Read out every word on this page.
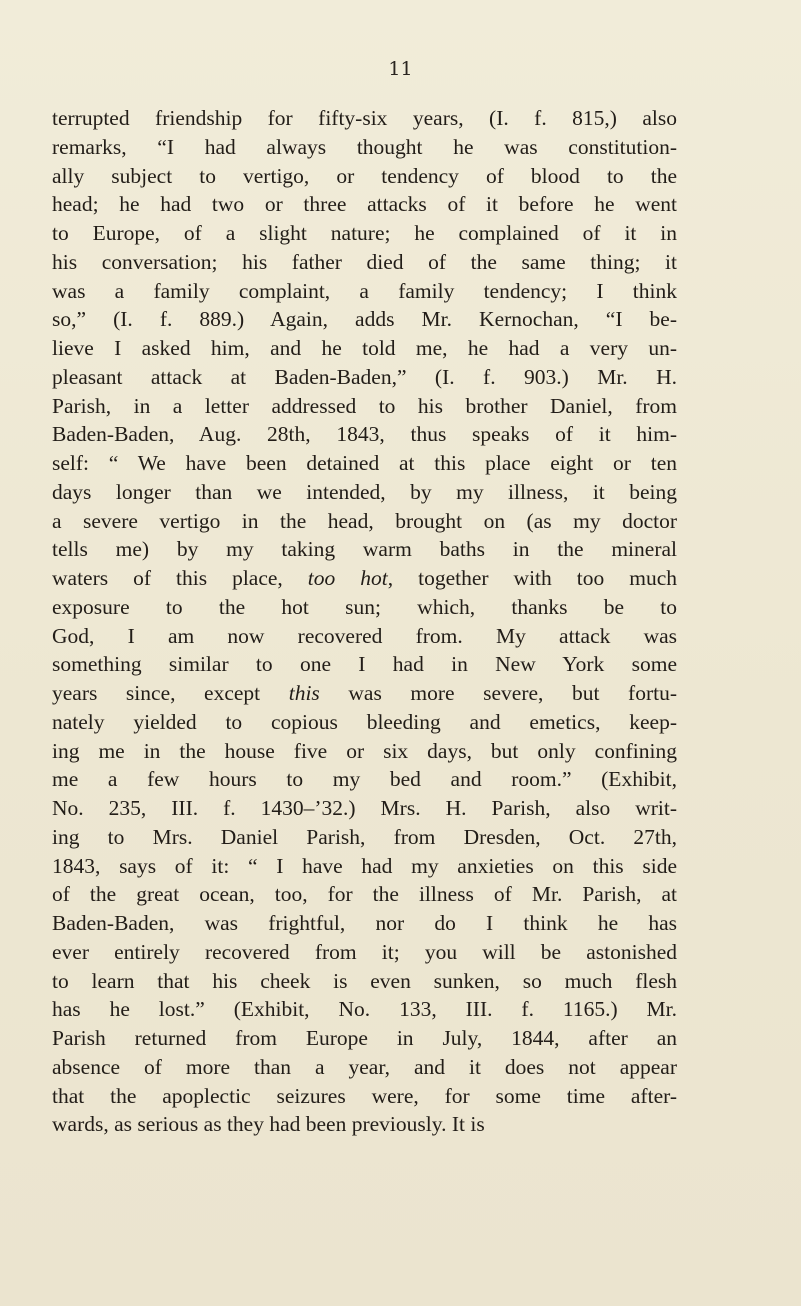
11
terrupted friendship for fifty-six years, (I. f. 815,) also
remarks, “I had always thought he was constitution-
ally subject to vertigo, or tendency of blood to the
head; he had two or three attacks of it before he went
to Europe, of a slight nature; he complained of it in
his conversation; his father died of the same thing; it
was a family complaint, a family tendency; I think
so,” (I. f. 889.) Again, adds Mr. Kernochan, “I be-
lieve I asked him, and he told me, he had a very un-
pleasant attack at Baden-Baden,” (I. f. 903.) Mr. H.
Parish, in a letter addressed to his brother Daniel, from
Baden-Baden, Aug. 28th, 1843, thus speaks of it him-
self: “ We have been detained at this place eight or ten
days longer than we intended, by my illness, it being
a severe vertigo in the head, brought on (as my doctor
tells me) by my taking warm baths in the mineral
waters of this place, too hot, together with too much
exposure to the hot sun; which, thanks be to
God, I am now recovered from. My attack was
something similar to one I had in New York some
years since, except this was more severe, but fortu-
nately yielded to copious bleeding and emetics, keep-
ing me in the house five or six days, but only confining
me a few hours to my bed and room.” (Exhibit,
No. 235, III. f. 1430–’32.) Mrs. H. Parish, also writ-
ing to Mrs. Daniel Parish, from Dresden, Oct. 27th,
1843, says of it: “ I have had my anxieties on this side
of the great ocean, too, for the illness of Mr. Parish, at
Baden-Baden, was frightful, nor do I think he has
ever entirely recovered from it; you will be astonished
to learn that his cheek is even sunken, so much flesh
has he lost.” (Exhibit, No. 133, III. f. 1165.) Mr.
Parish returned from Europe in July, 1844, after an
absence of more than a year, and it does not appear
that the apoplectic seizures were, for some time after-
wards, as serious as they had been previously. It is
